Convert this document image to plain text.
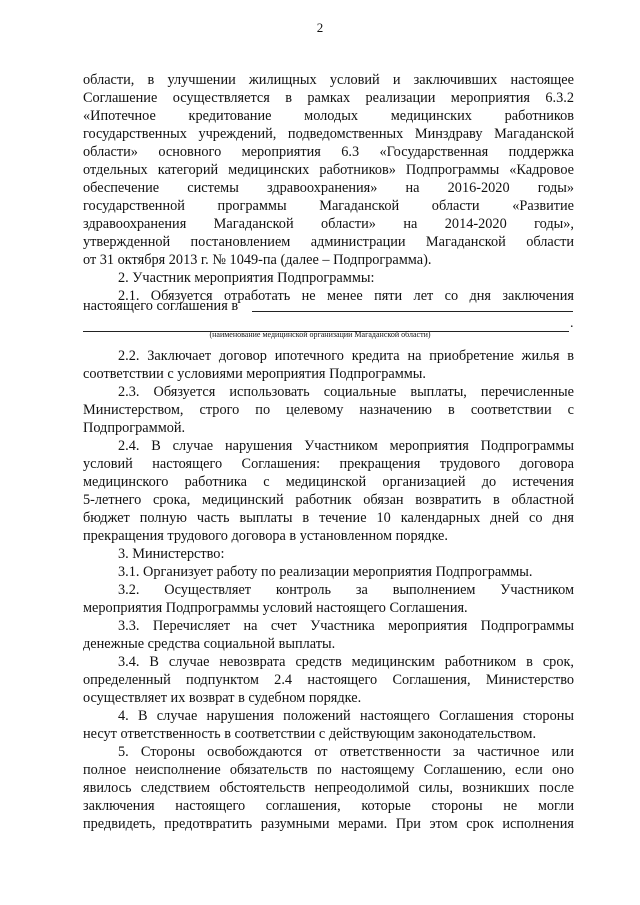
2
области, в улучшении жилищных условий и заключивших настоящее
Соглашение осуществляется в рамках реализации мероприятия 6.3.2
«Ипотечное кредитование молодых медицинских работников
государственных учреждений, подведомственных Минздраву Магаданской
области» основного мероприятия 6.3 «Государственная поддержка
отдельных категорий медицинских работников» Подпрограммы «Кадровое
обеспечение системы здравоохранения» на 2016-2020 годы»
государственной программы Магаданской области «Развитие
здравоохранения Магаданской области» на 2014-2020 годы»,
утвержденной постановлением администрации Магаданской области
от 31 октября 2013 г. № 1049-па (далее – Подпрограмма).
2. Участник мероприятия Подпрограммы:
2.1. Обязуется отработать не менее пяти лет со дня заключения
настоящего соглашения в
.
(наименование медицинской организации Магаданской области)
2.2. Заключает договор ипотечного кредита на приобретение жилья в
соответствии с условиями мероприятия Подпрограммы.
2.3. Обязуется использовать социальные выплаты, перечисленные
Министерством, строго по целевому назначению в соответствии с
Подпрограммой.
2.4. В случае нарушения Участником мероприятия Подпрограммы
условий настоящего Соглашения: прекращения трудового договора
медицинского работника с медицинской организацией до истечения
5-летнего срока, медицинский работник обязан возвратить в областной
бюджет полную часть выплаты в течение 10 календарных дней со дня
прекращения трудового договора в установленном порядке.
3. Министерство:
3.1. Организует работу по реализации мероприятия Подпрограммы.
3.2. Осуществляет контроль за выполнением Участником
мероприятия Подпрограммы условий настоящего Соглашения.
3.3. Перечисляет на счет Участника мероприятия Подпрограммы
денежные средства социальной выплаты.
3.4. В случае невозврата средств медицинским работником в срок,
определенный подпунктом 2.4 настоящего Соглашения, Министерство
осуществляет их возврат в судебном порядке.
4. В случае нарушения положений настоящего Соглашения стороны
несут ответственность в соответствии с действующим законодательством.
5. Стороны освобождаются от ответственности за частичное или
полное неисполнение обязательств по настоящему Соглашению, если оно
явилось следствием обстоятельств непреодолимой силы, возникших после
заключения настоящего соглашения, которые стороны не могли
предвидеть, предотвратить разумными мерами. При этом срок исполнения
